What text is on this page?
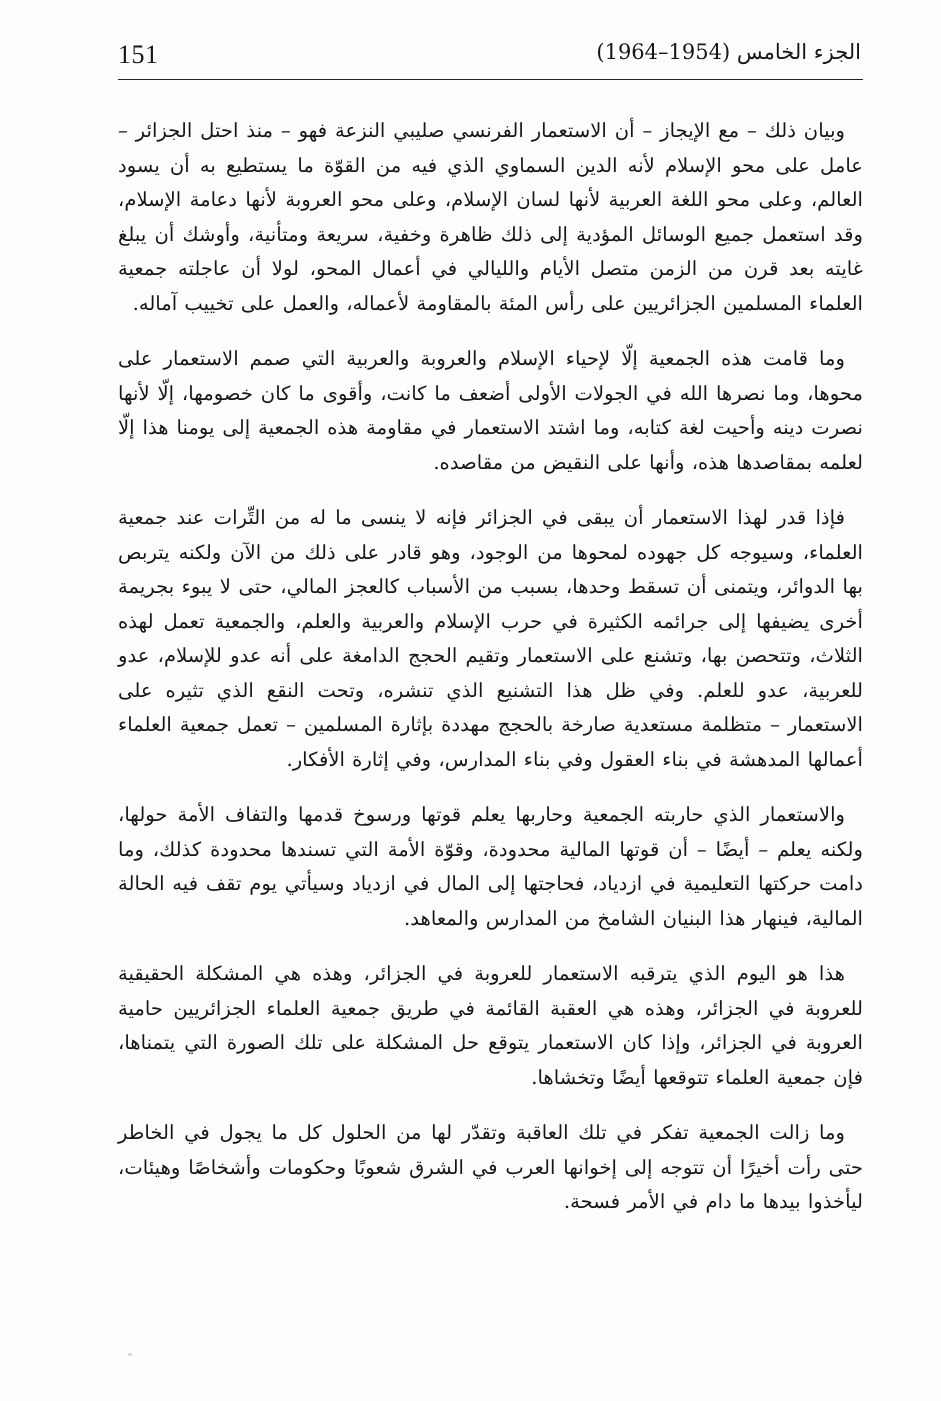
151	الجزء الخامس (1954–1964)

وبيان ذلك – مع الإيجاز – أن الاستعمار الفرنسي صليبي النزعة فهو – منذ احتل الجزائر – عامل على محو الإسلام لأنه الدين السماوي الذي فيه من القوّة ما يستطيع به أن يسود العالم، وعلى محو اللغة العربية لأنها لسان الإسلام، وعلى محو العروبة لأنها دعامة الإسلام، وقد استعمل جميع الوسائل المؤدية إلى ذلك ظاهرة وخفية، سريعة ومتأنية، وأوشك أن يبلغ غايته بعد قرن من الزمن متصل الأيام والليالي في أعمال المحو، لولا أن عاجلته جمعية العلماء المسلمين الجزائريين على رأس المئة بالمقاومة لأعماله، والعمل على تخييب آماله.

وما قامت هذه الجمعية إلّا لإحياء الإسلام والعروبة والعربية التي صمم الاستعمار على محوها، وما نصرها الله في الجولات الأولى أضعف ما كانت، وأقوى ما كان خصومها، إلّا لأنها نصرت دينه وأحيت لغة كتابه، وما اشتد الاستعمار في مقاومة هذه الجمعية إلى يومنا هذا إلّا لعلمه بمقاصدها هذه، وأنها على النقيض من مقاصده.

فإذا قدر لهذا الاستعمار أن يبقى في الجزائر فإنه لا ينسى ما له من التِّرات عند جمعية العلماء، وسيوجه كل جهوده لمحوها من الوجود، وهو قادر على ذلك من الآن ولكنه يتربص بها الدوائر، ويتمنى أن تسقط وحدها، بسبب من الأسباب كالعجز المالي، حتى لا يبوء بجريمة أخرى يضيفها إلى جرائمه الكثيرة في حرب الإسلام والعربية والعلم، والجمعية تعمل لهذه الثلاث، وتتحصن بها، وتشنع على الاستعمار وتقيم الحجج الدامغة على أنه عدو للإسلام، عدو للعربية، عدو للعلم. وفي ظل هذا التشنيع الذي تنشره، وتحت النقع الذي تثيره على الاستعمار – متظلمة مستعدية صارخة بالحجج مهددة بإثارة المسلمين – تعمل جمعية العلماء أعمالها المدهشة في بناء العقول وفي بناء المدارس، وفي إثارة الأفكار.

والاستعمار الذي حاربته الجمعية وحاربها يعلم قوتها ورسوخ قدمها والتفاف الأمة حولها، ولكنه يعلم – أيضًا – أن قوتها المالية محدودة، وقوّة الأمة التي تسندها محدودة كذلك، وما دامت حركتها التعليمية في ازدياد، فحاجتها إلى المال في ازدياد وسيأتي يوم تقف فيه الحالة المالية، فينهار هذا البنيان الشامخ من المدارس والمعاهد.

هذا هو اليوم الذي يترقبه الاستعمار للعروبة في الجزائر، وهذه هي المشكلة الحقيقية للعروبة في الجزائر، وهذه هي العقبة القائمة في طريق جمعية العلماء الجزائريين حامية العروبة في الجزائر، وإذا كان الاستعمار يتوقع حل المشكلة على تلك الصورة التي يتمناها، فإن جمعية العلماء تتوقعها أيضًا وتخشاها.

وما زالت الجمعية تفكر في تلك العاقبة وتقدّر لها من الحلول كل ما يجول في الخاطر حتى رأت أخيرًا أن تتوجه إلى إخوانها العرب في الشرق شعوبًا وحكومات وأشخاصًا وهيئات، ليأخذوا بيدها ما دام في الأمر فسحة.
